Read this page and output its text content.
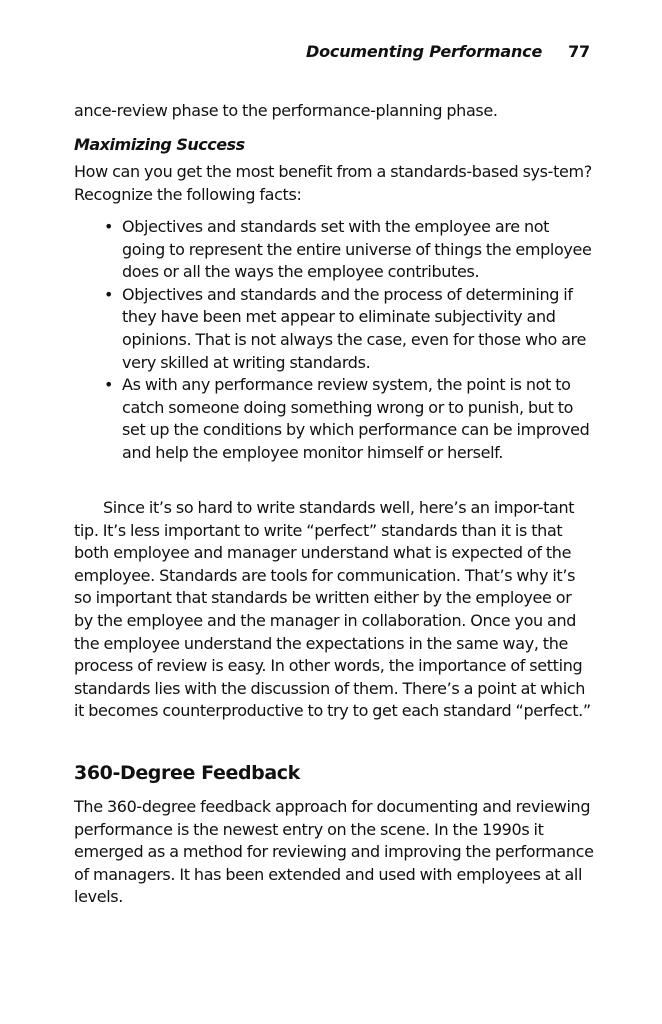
Documenting Performance 77

ance-review phase to the performance-planning phase.

Maximizing Success

How can you get the most benefit from a standards-based sys-tem? Recognize the following facts:

• Objectives and standards set with the employee are not going to represent the entire universe of things the employee does or all the ways the employee contributes.
• Objectives and standards and the process of determining if they have been met appear to eliminate subjectivity and opinions. That is not always the case, even for those who are very skilled at writing standards.
• As with any performance review system, the point is not to catch someone doing something wrong or to punish, but to set up the conditions by which performance can be improved and help the employee monitor himself or herself.

Since it’s so hard to write standards well, here’s an impor-tant tip. It’s less important to write “perfect” standards than it is that both employee and manager understand what is expected of the employee. Standards are tools for communication. That’s why it’s so important that standards be written either by the employee or by the employee and the manager in collaboration. Once you and the employee understand the expectations in the same way, the process of review is easy. In other words, the importance of setting standards lies with the discussion of them. There’s a point at which it becomes counterproductive to try to get each standard “perfect.”

360-Degree Feedback

The 360-degree feedback approach for documenting and reviewing performance is the newest entry on the scene. In the 1990s it emerged as a method for reviewing and improving the performance of managers. It has been extended and used with employees at all levels.
